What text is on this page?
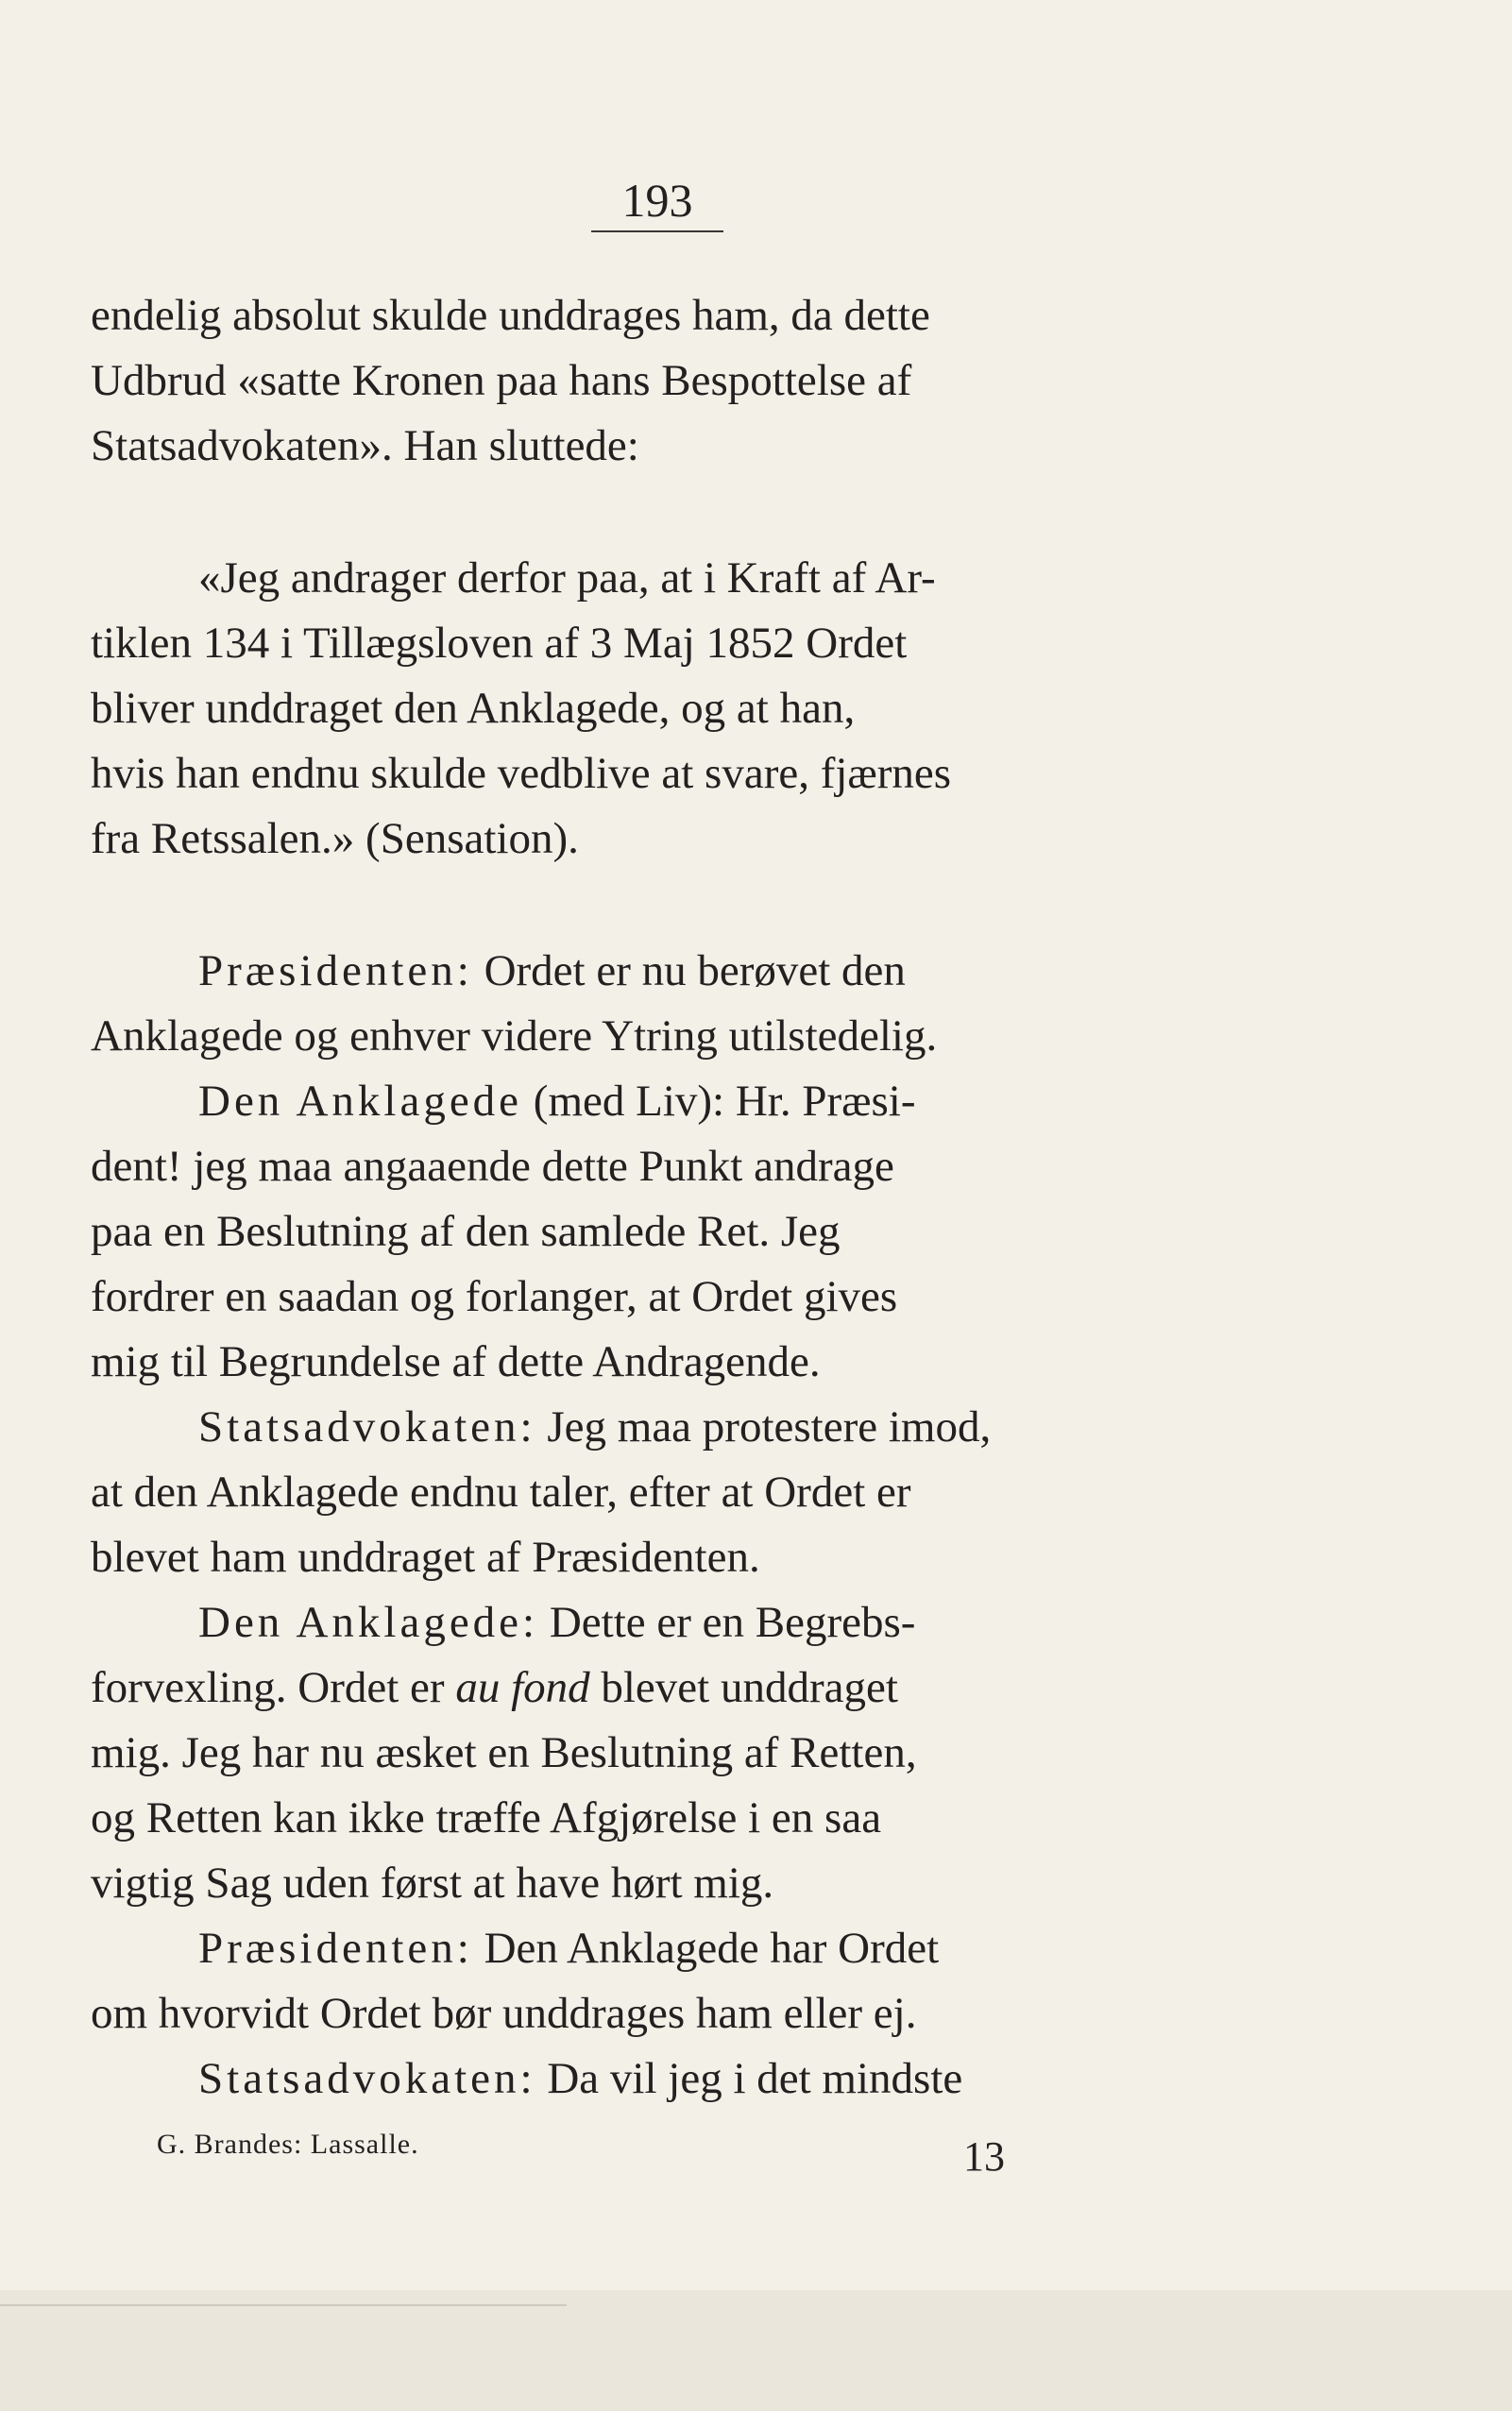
193
endelig absolut skulde unddrages ham, da dette
Udbrud «satte Kronen paa hans Bespottelse af
Statsadvokaten». Han sluttede:
«Jeg andrager derfor paa, at i Kraft af Ar-
tiklen 134 i Tillægsloven af 3 Maj 1852 Ordet
bliver unddraget den Anklagede, og at han,
hvis han endnu skulde vedblive at svare, fjærnes
fra Retssalen.» (Sensation).
Præsidenten: Ordet er nu berøvet den
Anklagede og enhver videre Ytring utilstedelig.
Den Anklagede (med Liv): Hr. Præsi-
dent! jeg maa angaaende dette Punkt andrage
paa en Beslutning af den samlede Ret. Jeg
fordrer en saadan og forlanger, at Ordet gives
mig til Begrundelse af dette Andragende.
Statsadvokaten: Jeg maa protestere imod,
at den Anklagede endnu taler, efter at Ordet er
blevet ham unddraget af Præsidenten.
Den Anklagede: Dette er en Begrebs-
forvexling. Ordet er au fond blevet unddraget
mig. Jeg har nu æsket en Beslutning af Retten,
og Retten kan ikke træffe Afgjørelse i en saa
vigtig Sag uden først at have hørt mig.
Præsidenten: Den Anklagede har Ordet
om hvorvidt Ordet bør unddrages ham eller ej.
Statsadvokaten: Da vil jeg i det mindste
G. Brandes: Lassalle.	13
